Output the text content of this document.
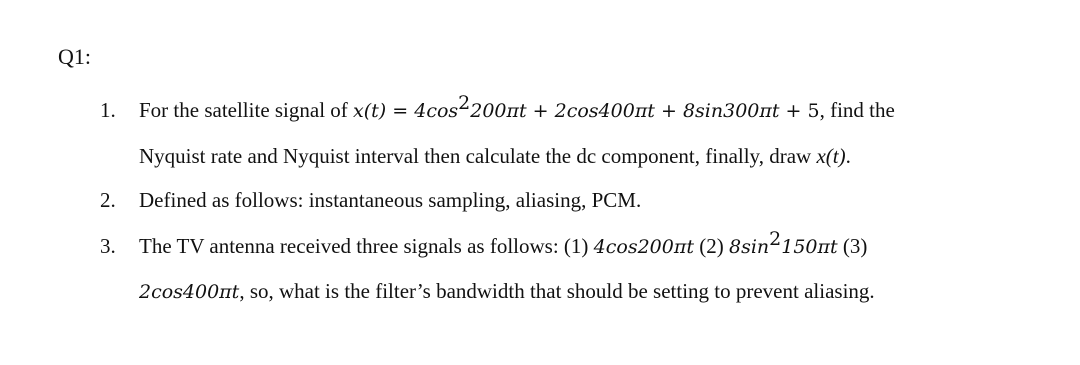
Q1:
1. For the satellite signal of $x(t) = 4\cos^2200\pi t + 2\cos 400\pi t + 8\sin 300\pi t + 5$, find the
Nyquist rate and Nyquist interval then calculate the dc component, finally, draw x(t).
2. Defined as follows: instantaneous sampling, aliasing, PCM.
3. The TV antenna received three signals as follows: (1) 4cos200πt (2) $8\sin^2150\pi t$ (3)
2cos400πt, so, what is the filter’s bandwidth that should be setting to prevent aliasing.
